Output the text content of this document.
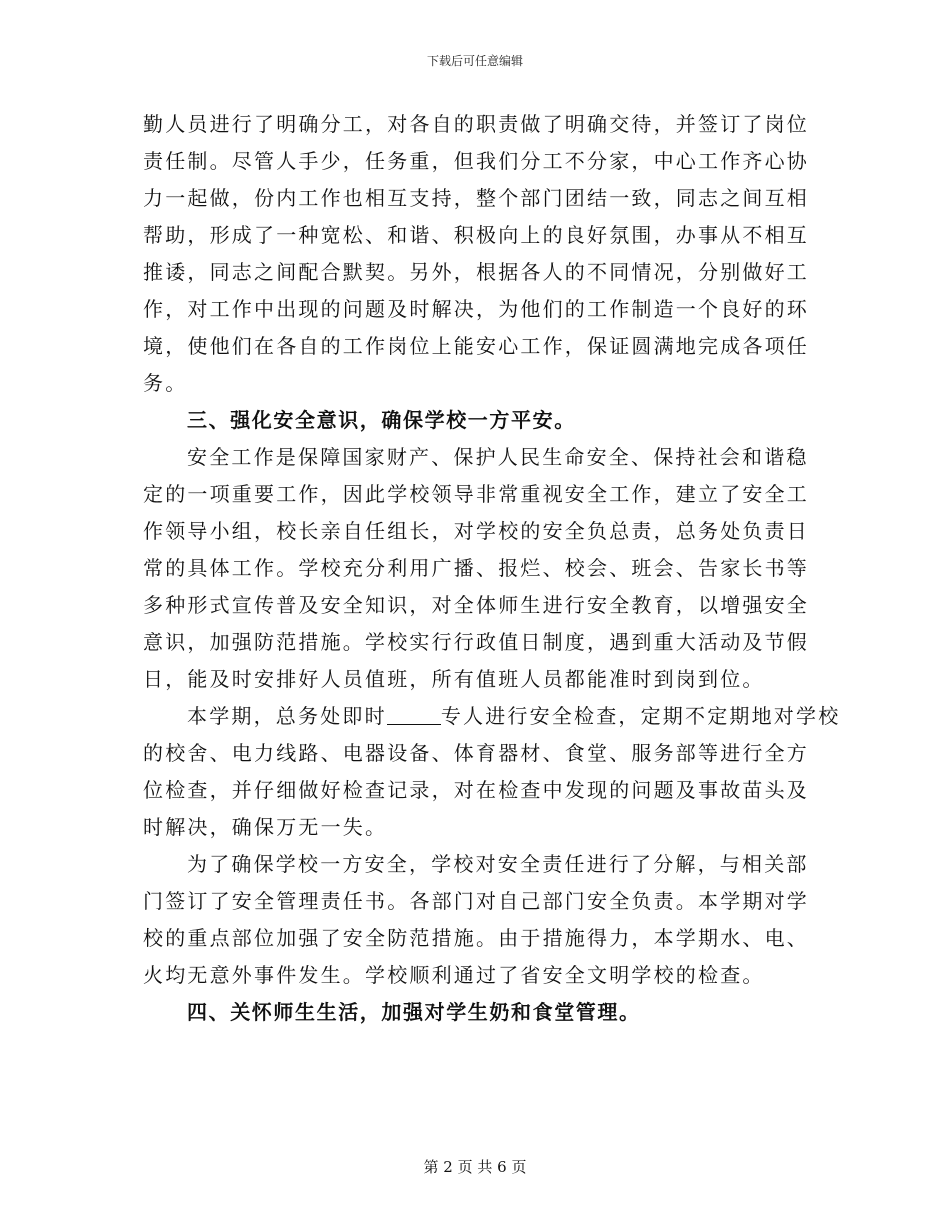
下载后可任意编辑
勤人员进行了明确分工，对各自的职责做了明确交待，并签订了岗位
责任制。尽管人手少，任务重，但我们分工不分家，中心工作齐心协
力一起做，份内工作也相互支持，整个部门团结一致，同志之间互相
帮助，形成了一种宽松、和谐、积极向上的良好氛围，办事从不相互
推诿，同志之间配合默契。另外，根据各人的不同情况，分别做好工
作，对工作中出现的问题及时解决，为他们的工作制造一个良好的环
境，使他们在各自的工作岗位上能安心工作，保证圆满地完成各项任
务。
三、强化安全意识，确保学校一方平安。
安全工作是保障国家财产、保护人民生命安全、保持社会和谐稳
定的一项重要工作，因此学校领导非常重视安全工作，建立了安全工
作领导小组，校长亲自任组长，对学校的安全负总责，总务处负责日
常的具体工作。学校充分利用广播、报烂、校会、班会、告家长书等
多种形式宣传普及安全知识，对全体师生进行安全教育，以增强安全
意识，加强防范措施。学校实行行政值日制度，遇到重大活动及节假
日，能及时安排好人员值班，所有值班人员都能准时到岗到位。
本学期，总务处即时	专人进行安全检查，定期不定期地对学校
的校舍、电力线路、电器设备、体育器材、食堂、服务部等进行全方
位检查，并仔细做好检查记录，对在检查中发现的问题及事故苗头及
时解决，确保万无一失。
为了确保学校一方安全，学校对安全责任进行了分解，与相关部
门签订了安全管理责任书。各部门对自己部门安全负责。本学期对学
校的重点部位加强了安全防范措施。由于措施得力，本学期水、电、
火均无意外事件发生。学校顺利通过了省安全文明学校的检查。
四、关怀师生生活，加强对学生奶和食堂管理。
第 2 页 共 6 页
